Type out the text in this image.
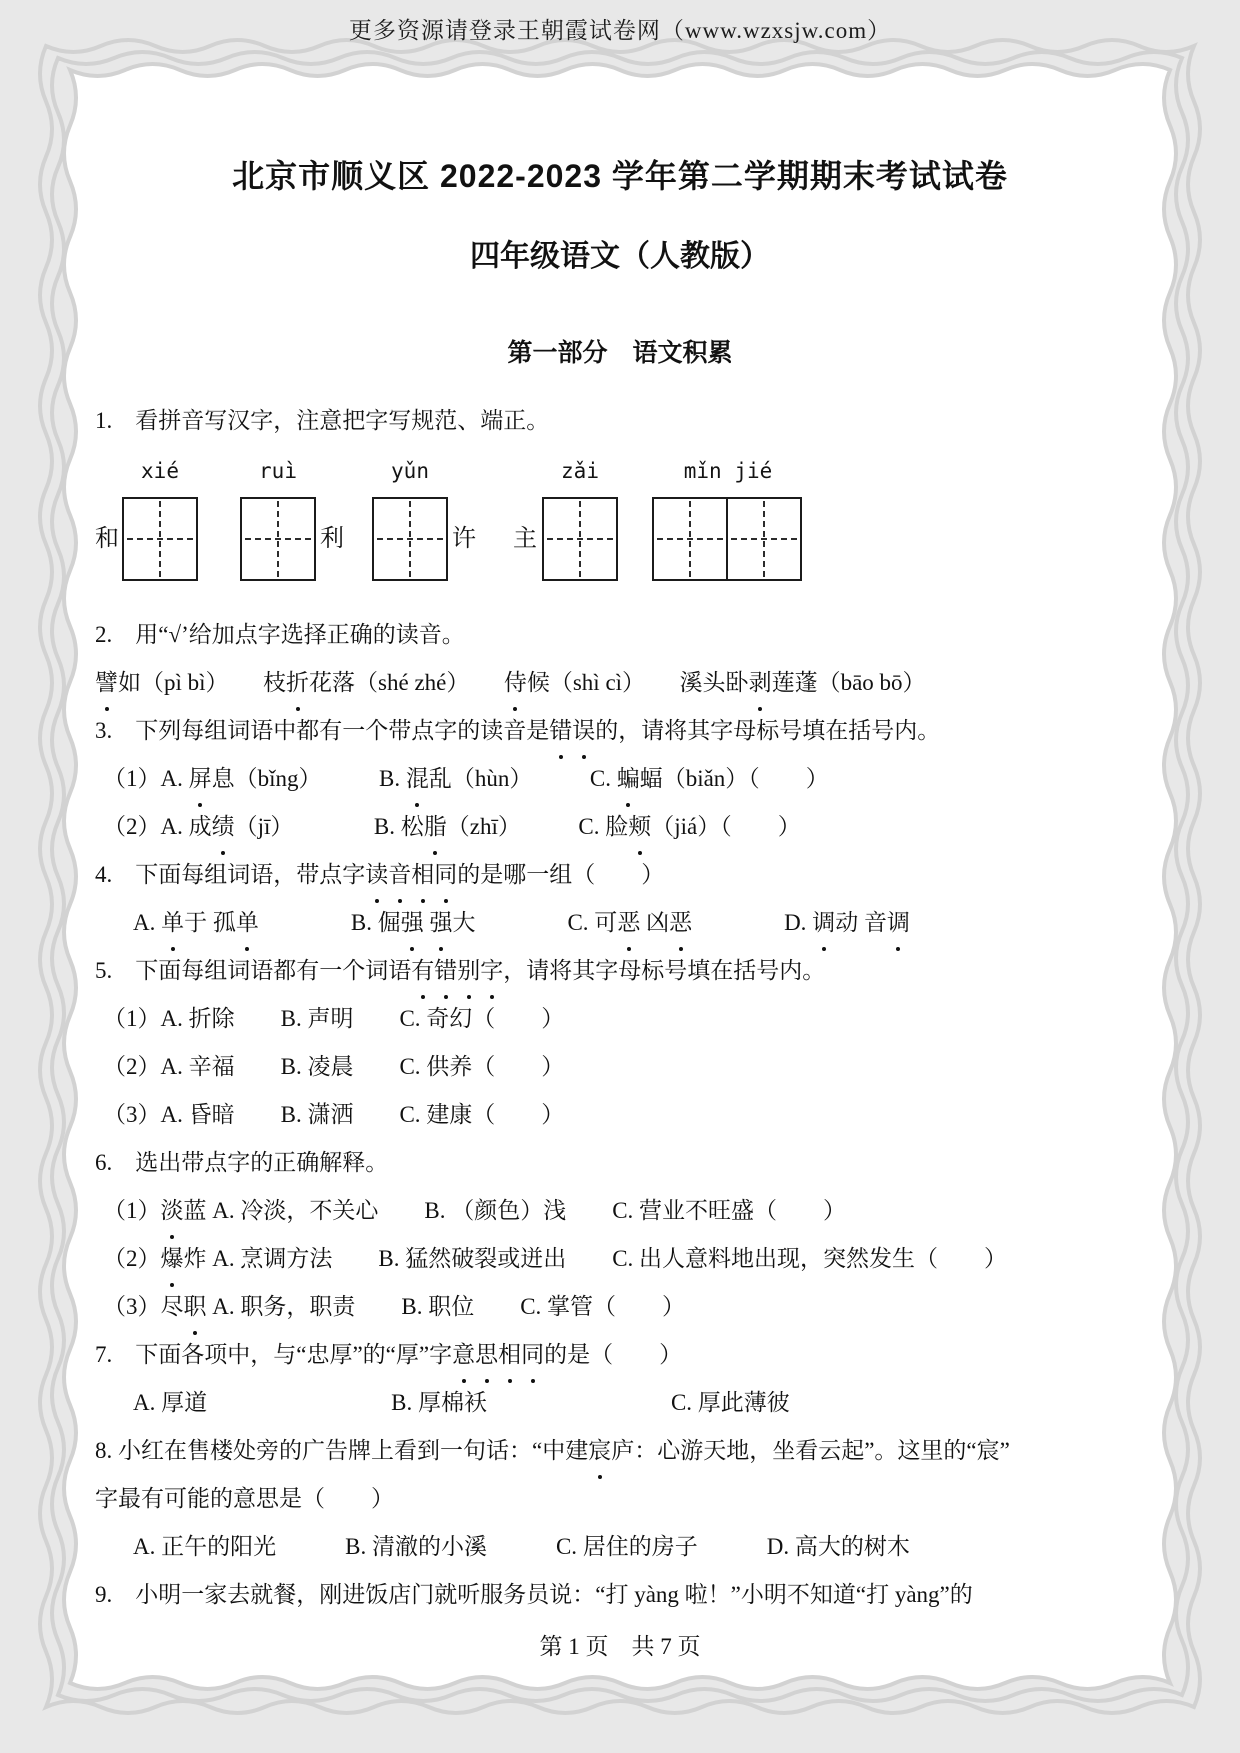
更多资源请登录王朝霞试卷网（www.wzxsjw.com）
北京市顺义区 2022-2023 学年第二学期期末考试试卷
四年级语文（人教版）
第一部分　语文积累
1.　看拼音写汉字，注意把字写规范、端正。
xié
和
ruì
利
yǔn
许
zǎi
主
mǐn jié
2.　用“√’给加点字选择正确的读音。
譬如（pì bì）　　枝折花落（shé zhé）　　侍候（shì cì）　　溪头卧剥莲蓬（bāo bō）
3.　下列每组词语中都有一个带点字的读音是错误的，请将其字母标号填在括号内。
（1）A. 屏息（bǐng）　　　B. 混乱（hùn）　　　C. 蝙蝠（biǎn）（　　）
（2）A. 成绩（jī）　　　　B. 松脂（zhī）　　　C. 脸颊（jiá）（　　）
4.　下面每组词语，带点字读音相同的是哪一组（　　）
A. 单于 孤单　　　　B. 倔强 强大　　　　C. 可恶 凶恶　　　　D. 调动 音调
5.　下面每组词语都有一个词语有错别字，请将其字母标号填在括号内。
（1）A. 折除　　B. 声明　　C. 奇幻（　　）
（2）A. 辛福　　B. 凌晨　　C. 供养（　　）
（3）A. 昏暗　　B. 潇洒　　C. 建康（　　）
6.　选出带点字的正确解释。
（1）淡蓝 A. 冷淡，不关心　　B. （颜色）浅　　C. 营业不旺盛（　　）
（2）爆炸 A. 烹调方法　　B. 猛然破裂或迸出　　C. 出人意料地出现，突然发生（　　）
（3）尽职 A. 职务，职责　　B. 职位　　C. 掌管（　　）
7.　下面各项中，与“忠厚”的“厚”字意思相同的是（　　）
A. 厚道　　　　　　　　B. 厚棉袄　　　　　　　　C. 厚此薄彼
8. 小红在售楼处旁的广告牌上看到一句话：“中建宸庐：心游天地，坐看云起”。这里的“宸”
字最有可能的意思是（　　）
A. 正午的阳光　　　B. 清澈的小溪　　　C. 居住的房子　　　D. 高大的树木
9.　小明一家去就餐，刚进饭店门就听服务员说：“打 yàng 啦！”小明不知道“打 yàng”的
第 1 页　共 7 页
